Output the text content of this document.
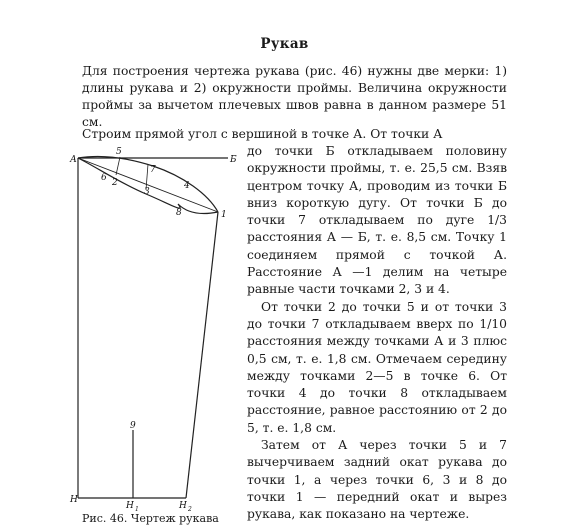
Рукав

Для построения чертежа рукава (рис. 46) нужны две мерки: 1) длины рукава и 2) окружности проймы. Величина окружности проймы за вычетом плечевых швов равна в данном размере 51 см.

Строим прямой угол с вершиной в точке А. От точки А

до точки Б откладываем половину окружности проймы, т. е. 25,5 см. Взяв центром точку А, проводим из точки Б вниз короткую дугу. От точки Б до точки 7 откладываем по дуге 1/3 расстояния А — Б, т. е. 8,5 см. Точку 1 соединяем прямой с точкой А. Расстояние А —1 делим на четыре равные части точками 2, 3 и 4.

От точки 2 до точки 5 и от точки 3 до точки 7 откладываем вверх по 1/10 расстояния между точками А и 3 плюс 0,5 см, т. е. 1,8 см. Отмечаем середину между точками 2—5 в точке 6. От точки 4 до точки 8 откладываем расстояние, равное расстоянию от 2 до 5, т. е. 1,8 см.

Затем от А через точки 5 и 7 вычерчиваем задний окат рукава до точки 1, а через точки 6, 3 и 8 до точки 1 — передний окат и вырез рукава, как показано на чертеже.

А	Б
5
6 2
7
3
4
8	1
9
Н
Н 1	Н 2
Рис. 46. Чертеж рукава
